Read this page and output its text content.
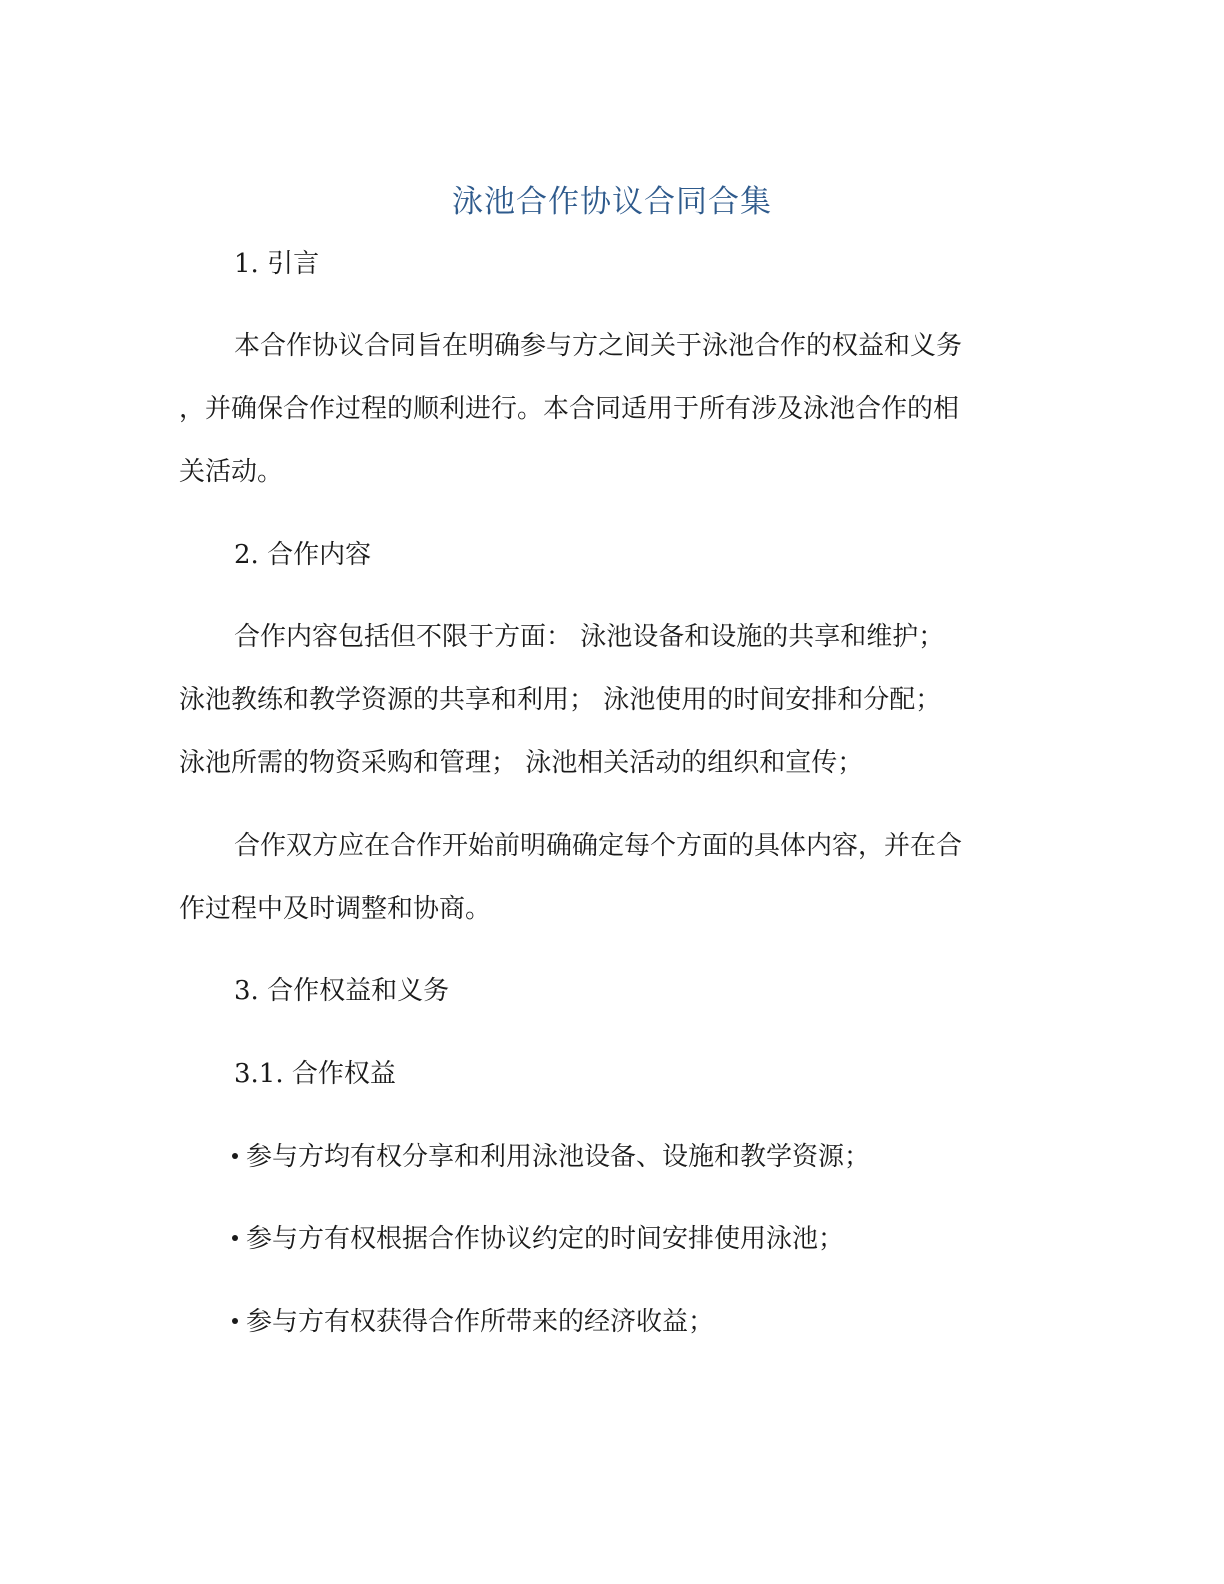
泳池合作协议合同合集
1. 引言
本合作协议合同旨在明确参与方之间关于泳池合作的权益和义务
，并确保合作过程的顺利进行。本合同适用于所有涉及泳池合作的相
关活动。
2. 合作内容
合作内容包括但不限于方面： 泳池设备和设施的共享和维护；
泳池教练和教学资源的共享和利用； 泳池使用的时间安排和分配；
泳池所需的物资采购和管理； 泳池相关活动的组织和宣传；
合作双方应在合作开始前明确确定每个方面的具体内容，并在合
作过程中及时调整和协商。
3. 合作权益和义务
3.1. 合作权益
参与方均有权分享和利用泳池设备、设施和教学资源；
参与方有权根据合作协议约定的时间安排使用泳池；
参与方有权获得合作所带来的经济收益；
